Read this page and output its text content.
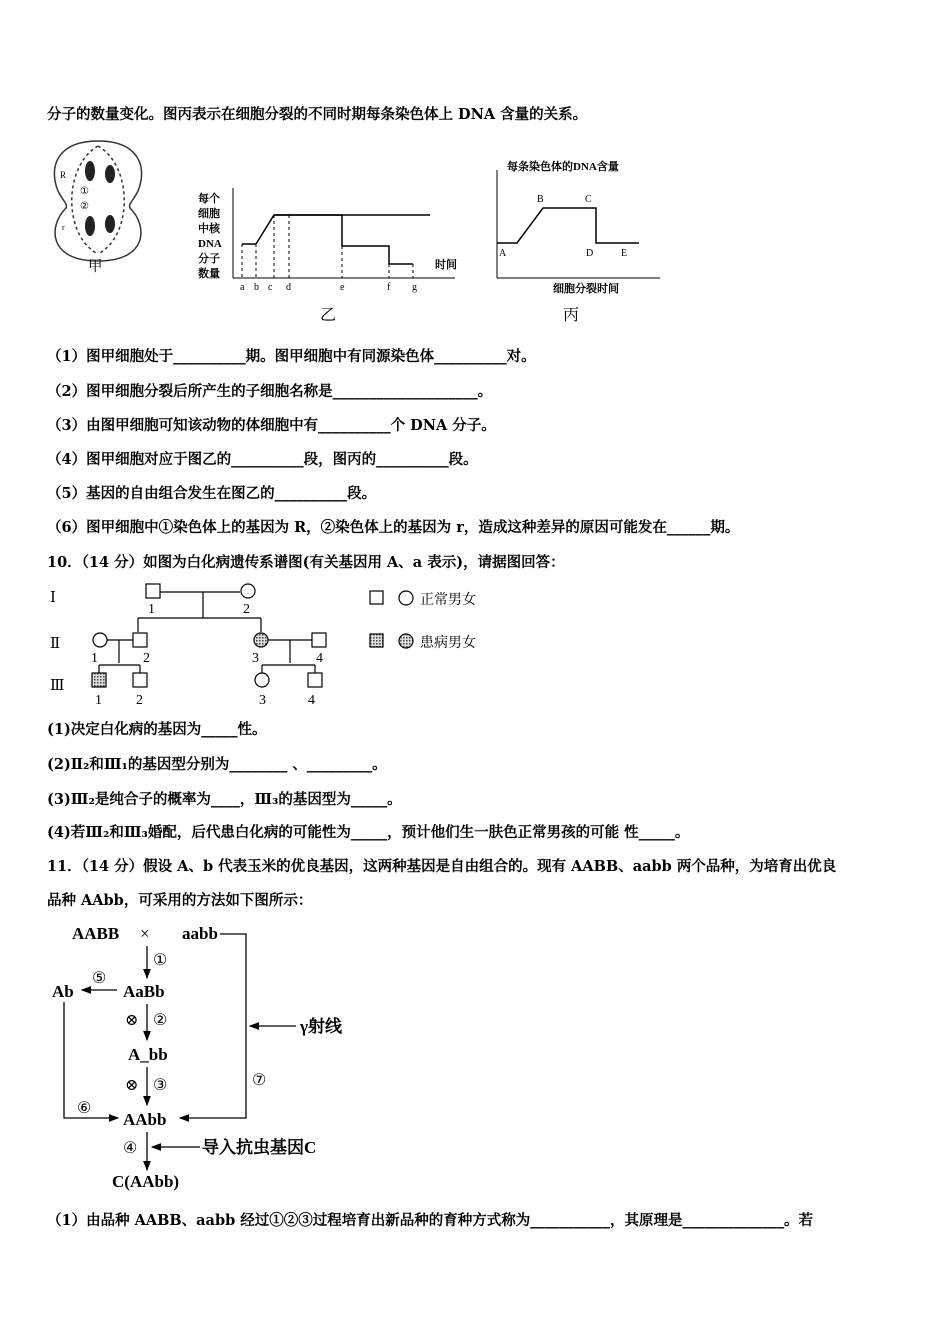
分子的数量变化。图丙表示在细胞分裂的不同时期每条染色体上 DNA 含量的关系。
R
r
①
②
甲
每个
细胞
中核
DNA
分子
数量
时间
a b c d	e	f g
乙
每条染色体的DNA含量
A
B	C
D	E
细胞分裂时间
丙
（1）图甲细胞处于__________期。图甲细胞中有同源染色体__________对。
（2）图甲细胞分裂后所产生的子细胞名称是____________________。
（3）由图甲细胞可知该动物的体细胞中有__________个 DNA 分子。
（4）图甲细胞对应于图乙的__________段，图丙的__________段。
（5）基因的自由组合发生在图乙的__________段。
（6）图甲细胞中①染色体上的基因为 R，②染色体上的基因为 r，造成这种差异的原因可能发在______期。
10．（14 分）如图为白化病遗传系谱图(有关基因用 A、a 表示)，请据图回答：
Ⅰ
Ⅱ
Ⅲ
1	2
1	2	3	4
1 2	3	4
正常男女
患病男女
(1)决定白化病的基因为_____性。
(2)Ⅱ₂和Ⅲ₁的基因型分别为________ 、_________。
(3)Ⅲ₂是纯合子的概率为____，Ⅲ₃的基因型为_____。
(4)若Ⅲ₂和Ⅲ₃婚配，后代患白化病的可能性为_____，预计他们生一肤色正常男孩的可能 性_____。
11．（14 分）假设 A、b 代表玉米的优良基因，这两种基因是自由组合的。现有 AABB、aabb 两个品种，为培育出优良
品种 AAbb，可采用的方法如下图所示：
AABB × aabb
AaBb
Ab
A_bb
AAbb
C(AAbb)
γ射线
导入抗虫基因C
①
②
③
④
⑤
⑥
⑦
⊗
⊗
（1）由品种 AABB、aabb 经过①②③过程培育出新品种的育种方式称为___________，其原理是______________。若
